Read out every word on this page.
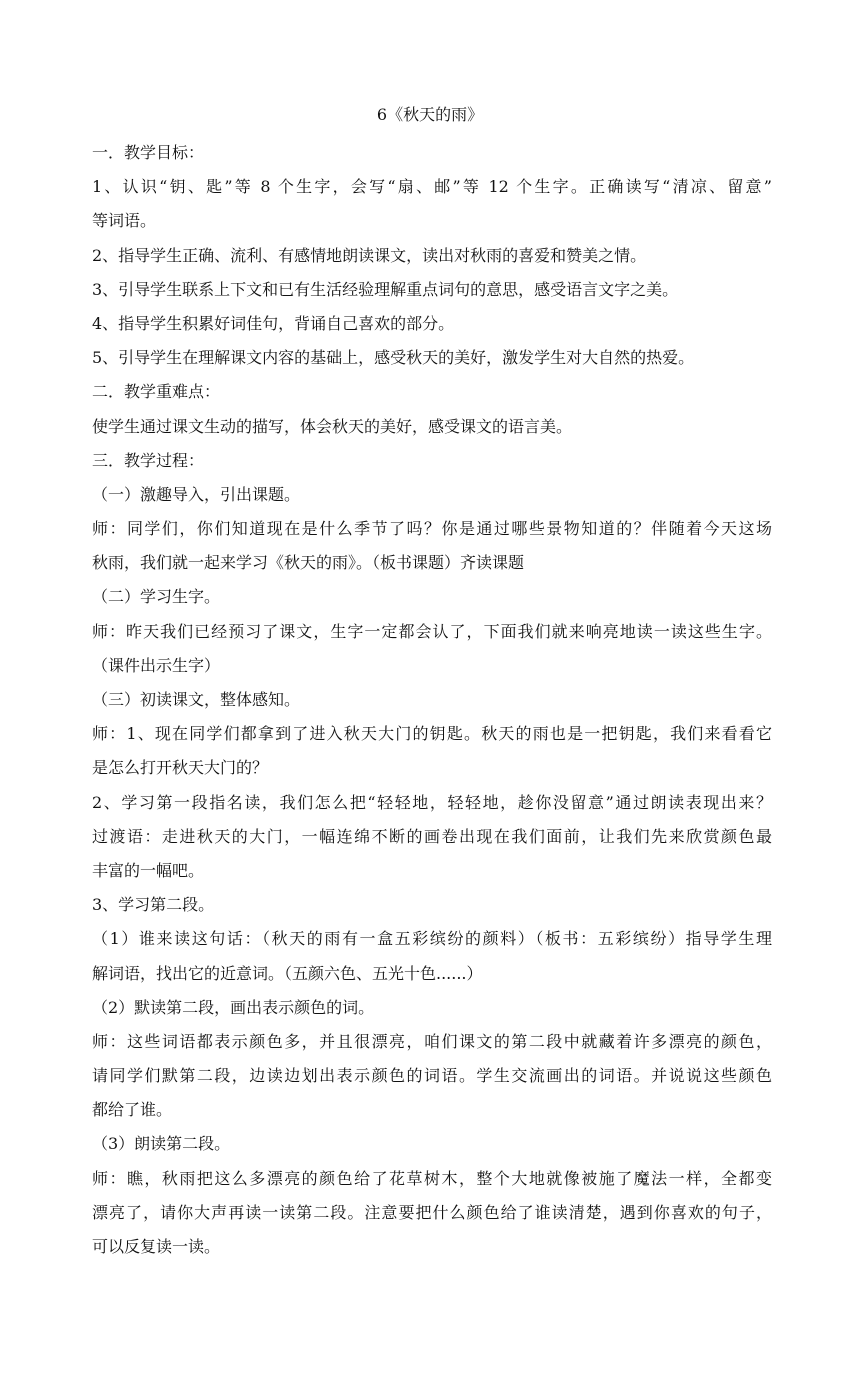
6《秋天的雨》
一．教学目标：
1、认识“钥、匙”等 8 个生字，会写“扇、邮”等 12 个生字。正确读写“清凉、留意”
等词语。
2、指导学生正确、流利、有感情地朗读课文，读出对秋雨的喜爱和赞美之情。
3、引导学生联系上下文和已有生活经验理解重点词句的意思，感受语言文字之美。
4、指导学生积累好词佳句，背诵自己喜欢的部分。
5、引导学生在理解课文内容的基础上，感受秋天的美好，激发学生对大自然的热爱。
二．教学重难点：
使学生通过课文生动的描写，体会秋天的美好，感受课文的语言美。
三．教学过程：
（一）激趣导入，引出课题。
师：同学们，你们知道现在是什么季节了吗？你是通过哪些景物知道的？伴随着今天这场
秋雨，我们就一起来学习《秋天的雨》。（板书课题）齐读课题
（二）学习生字。
师：昨天我们已经预习了课文，生字一定都会认了，下面我们就来响亮地读一读这些生字。
（课件出示生字）
（三）初读课文，整体感知。
师：1、现在同学们都拿到了进入秋天大门的钥匙。秋天的雨也是一把钥匙，我们来看看它
是怎么打开秋天大门的？
2、学习第一段指名读，我们怎么把“轻轻地，轻轻地，趁你没留意”通过朗读表现出来？
过渡语：走进秋天的大门，一幅连绵不断的画卷出现在我们面前，让我们先来欣赏颜色最
丰富的一幅吧。
3、学习第二段。
（1）谁来读这句话：（秋天的雨有一盒五彩缤纷的颜料）（板书：五彩缤纷）指导学生理
解词语，找出它的近意词。（五颜六色、五光十色......）
（2）默读第二段，画出表示颜色的词。
师：这些词语都表示颜色多，并且很漂亮，咱们课文的第二段中就藏着许多漂亮的颜色，
请同学们默第二段，边读边划出表示颜色的词语。学生交流画出的词语。并说说这些颜色
都给了谁。
（3）朗读第二段。
师：瞧，秋雨把这么多漂亮的颜色给了花草树木，整个大地就像被施了魔法一样，全都变
漂亮了，请你大声再读一读第二段。注意要把什么颜色给了谁读清楚，遇到你喜欢的句子，
可以反复读一读。
